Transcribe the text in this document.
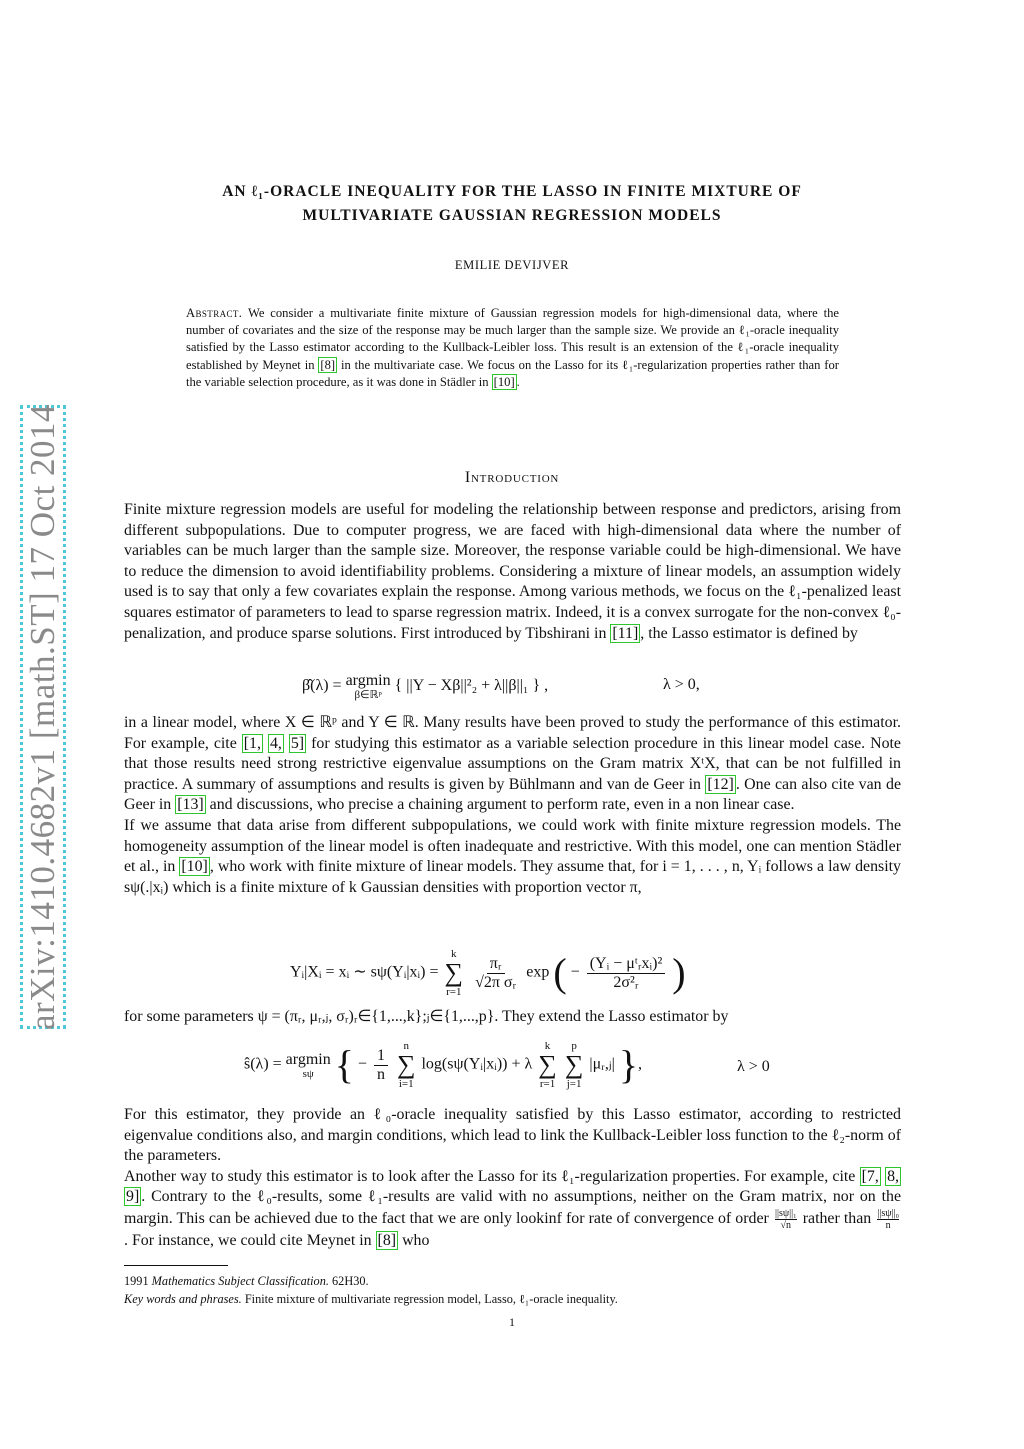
arXiv:1410.4682v1 [math.ST] 17 Oct 2014
AN ℓ₁-ORACLE INEQUALITY FOR THE LASSO IN FINITE MIXTURE OF
MULTIVARIATE GAUSSIAN REGRESSION MODELS
EMILIE DEVIJVER
Abstract. We consider a multivariate finite mixture of Gaussian regression models for high-dimensional data, where the number of covariates and the size of the response may be much larger than the sample size. We provide an ℓ₁-oracle inequality satisfied by the Lasso estimator according to the Kullback-Leibler loss. This result is an extension of the ℓ₁-oracle inequality established by Meynet in [8] in the multivariate case. We focus on the Lasso for its ℓ₁-regularization properties rather than for the variable selection procedure, as it was done in Städler in [10] .
Introduction

Finite mixture regression models are useful for modeling the relationship between response and predictors, arising from different subpopulations. Due to computer progress, we are faced with high-dimensional data where the number of variables can be much larger than the sample size. Moreover, the response variable could be high-dimensional. We have to reduce the dimension to avoid identifiability problems. Considering a mixture of linear models, an assumption widely used is to say that only a few covariates explain the response. Among various methods, we focus on the ℓ₁-penalized least squares estimator of parameters to lead to sparse regression matrix. Indeed, it is a convex surrogate for the non-convex ℓ₀-penalization, and produce sparse solutions. First introduced by Tibshirani in [11] , the Lasso estimator is defined by

β̂(λ) = argmin
β∈ℝᵖ
{ ||Y − Xβ||²₂ + λ||β||₁ } ,	λ > 0,

in a linear model, where X ∈ ℝᵖ and Y ∈ ℝ. Many results have been proved to study the performance of this estimator. For example, cite [1, 4, 5] for studying this estimator as a variable selection procedure in this linear model case. Note that those results need strong restrictive eigenvalue assumptions on the Gram matrix XᵗX, that can be not fulfilled in practice. A summary of assumptions and results is given by Bühlmann and van de Geer in [12] . One can also cite van de Geer in [13] and discussions, who precise a chaining argument to perform rate, even in a non linear case.

If we assume that data arise from different subpopulations, we could work with finite mixture regression models. The homogeneity assumption of the linear model is often inadequate and restrictive. With this model, one can mention Städler et al., in [10] , who work with finite mixture of linear models. They assume that, for i = 1, . . . , n, Yᵢ follows a law density sψ(.|xᵢ) which is a finite mixture of k Gaussian densities with proportion vector π,

Yᵢ|Xᵢ = xᵢ ∼ sψ(Yᵢ|xᵢ) =
k
∑
r=1

$\frac{\text{πᵣ}}{\text{√2π σᵣ}}$ exp ( − $\frac{\text{(Yᵢ − μᵗᵣxᵢ)²}}{\text{2σ²ᵣ}}$ )

for some parameters ψ = (πᵣ, μᵣ,ⱼ, σᵣ)ᵣ∈{1,...,k};ⱼ∈{1,...,p}. They extend the Lasso estimator by

ŝ(λ) = argmin
sψ { − $\frac{1}{n}$

n
∑
i=1
log(sψ(Yᵢ|xᵢ)) + λ
k
∑
r=1

p
∑
j=1
|μᵣ,ⱼ| },	λ > 0

For this estimator, they provide an ℓ₀-oracle inequality satisfied by this Lasso estimator, according to restricted eigenvalue conditions also, and margin conditions, which lead to link the Kullback-Leibler loss function to the ℓ₂-norm of the parameters.

Another way to study this estimator is to look after the Lasso for its ℓ₁-regularization properties. For example, cite [7, 8, 9] . Contrary to the ℓ₀-results, some ℓ₁-results are valid with no assumptions, neither on the Gram matrix, nor on the margin. This can be achieved due to the fact that we are only lookinf for rate of convergence of order $\frac{\text{||sψ||₁}}{√n}$ rather than $\frac{\text{||sψ||₀}}{n}$
. For instance, we could cite Meynet in [8] who

1991 Mathematics Subject Classification. 62H30.

Key words and phrases. Finite mixture of multivariate regression model, Lasso, ℓ₁-oracle inequality.

1
